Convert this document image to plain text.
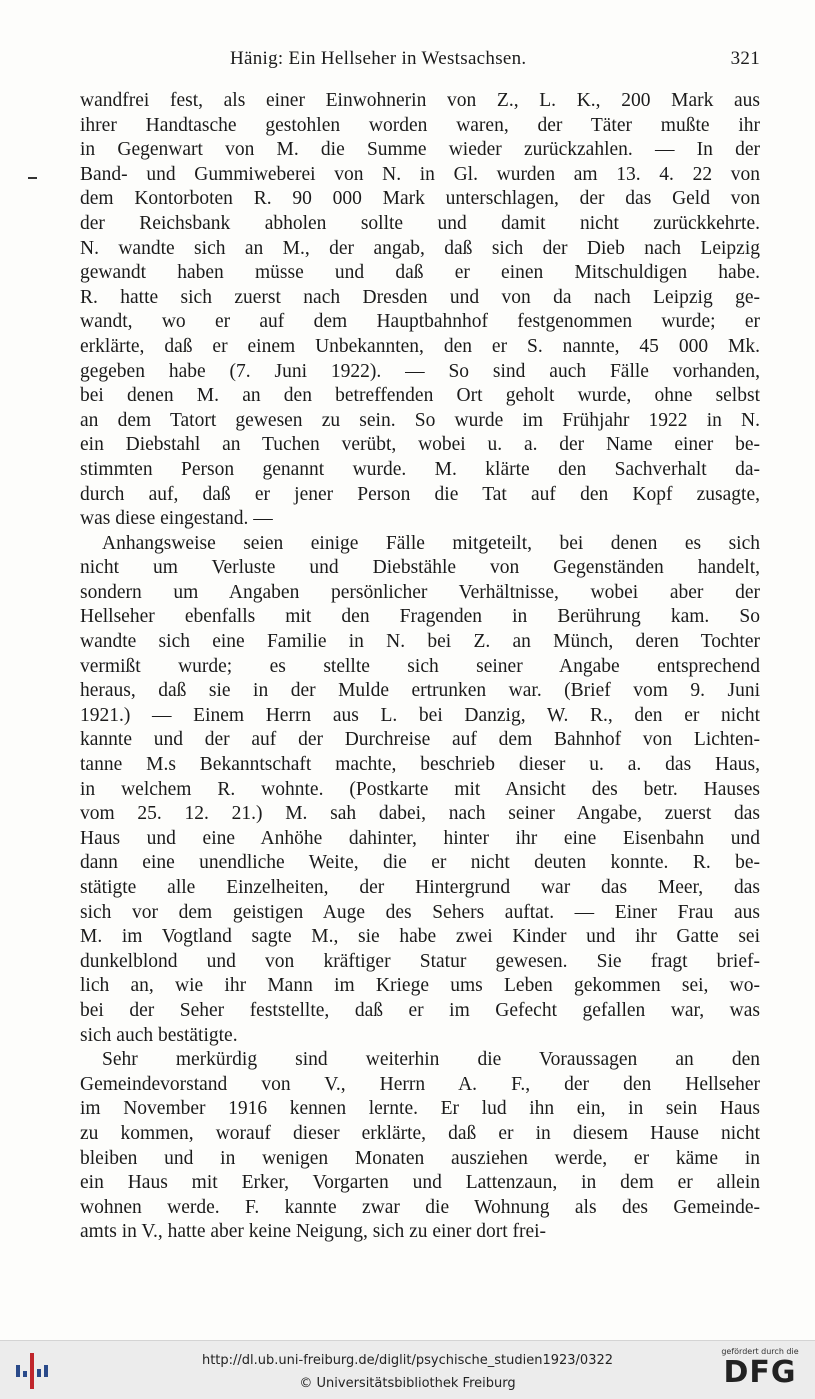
Hänig: Ein Hellseher in Westsachsen.	321
wandfrei fest, als einer Einwohnerin von Z., L. K., 200 Mark aus
ihrer Handtasche gestohlen worden waren, der Täter mußte ihr
in Gegenwart von M. die Summe wieder zurückzahlen. — In der
Band- und Gummiweberei von N. in Gl. wurden am 13. 4. 22 von
dem Kontorboten R. 90 000 Mark unterschlagen, der das Geld von
der Reichsbank abholen sollte und damit nicht zurückkehrte.
N. wandte sich an M., der angab, daß sich der Dieb nach Leipzig
gewandt haben müsse und daß er einen Mitschuldigen habe.
R. hatte sich zuerst nach Dresden und von da nach Leipzig ge-
wandt, wo er auf dem Hauptbahnhof festgenommen wurde; er
erklärte, daß er einem Unbekannten, den er S. nannte, 45 000 Mk.
gegeben habe (7. Juni 1922). — So sind auch Fälle vorhanden,
bei denen M. an den betreffenden Ort geholt wurde, ohne selbst
an dem Tatort gewesen zu sein. So wurde im Frühjahr 1922 in N.
ein Diebstahl an Tuchen verübt, wobei u. a. der Name einer be-
stimmten Person genannt wurde. M. klärte den Sachverhalt da-
durch auf, daß er jener Person die Tat auf den Kopf zusagte,
was diese eingestand. —
Anhangsweise seien einige Fälle mitgeteilt, bei denen es sich
nicht um Verluste und Diebstähle von Gegenständen handelt,
sondern um Angaben persönlicher Verhältnisse, wobei aber der
Hellseher ebenfalls mit den Fragenden in Berührung kam. So
wandte sich eine Familie in N. bei Z. an Münch, deren Tochter
vermißt wurde; es stellte sich seiner Angabe entsprechend
heraus, daß sie in der Mulde ertrunken war. (Brief vom 9. Juni
1921.) — Einem Herrn aus L. bei Danzig, W. R., den er nicht
kannte und der auf der Durchreise auf dem Bahnhof von Lichten-
tanne M.s Bekanntschaft machte, beschrieb dieser u. a. das Haus,
in welchem R. wohnte. (Postkarte mit Ansicht des betr. Hauses
vom 25. 12. 21.) M. sah dabei, nach seiner Angabe, zuerst das
Haus und eine Anhöhe dahinter, hinter ihr eine Eisenbahn und
dann eine unendliche Weite, die er nicht deuten konnte. R. be-
stätigte alle Einzelheiten, der Hintergrund war das Meer, das
sich vor dem geistigen Auge des Sehers auftat. — Einer Frau aus
M. im Vogtland sagte M., sie habe zwei Kinder und ihr Gatte sei
dunkelblond und von kräftiger Statur gewesen. Sie fragt brief-
lich an, wie ihr Mann im Kriege ums Leben gekommen sei, wo-
bei der Seher feststellte, daß er im Gefecht gefallen war, was
sich auch bestätigte.
Sehr merkürdig sind weiterhin die Voraussagen an den
Gemeindevorstand von V., Herrn A. F., der den Hellseher
im November 1916 kennen lernte. Er lud ihn ein, in sein Haus
zu kommen, worauf dieser erklärte, daß er in diesem Hause nicht
bleiben und in wenigen Monaten ausziehen werde, er käme in
ein Haus mit Erker, Vorgarten und Lattenzaun, in dem er allein
wohnen werde. F. kannte zwar die Wohnung als des Gemeinde-
amts in V., hatte aber keine Neigung, sich zu einer dort frei-
http://dl.ub.uni-freiburg.de/diglit/psychische_studien1923/0322
© Universitätsbibliothek Freiburg
gefördert durch die
DFG
